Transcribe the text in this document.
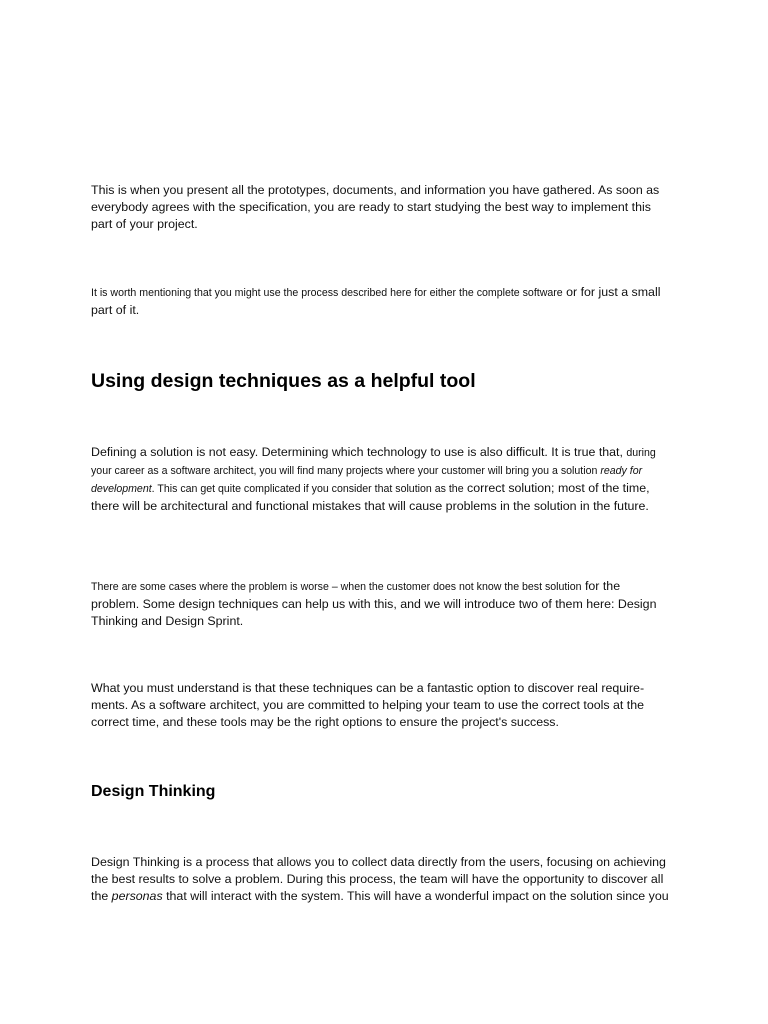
This is when you present all the prototypes, documents, and information you have gathered. As soon as everybody agrees with the specification, you are ready to start studying the best way to implement this part of your project.

It is worth mentioning that you might use the process described here for either the complete software or for just a small part of it.

Using design techniques as a helpful tool

Defining a solution is not easy. Determining which technology to use is also difficult. It is true that, during your career as a software architect, you will find many projects where your customer will bring you a solution ready for development. This can get quite complicated if you consider that solution as the correct solution; most of the time, there will be architectural and functional mistakes that will cause problems in the solution in the future.

There are some cases where the problem is worse – when the customer does not know the best solution for the problem. Some design techniques can help us with this, and we will introduce two of them here: Design Thinking and Design Sprint.

What you must understand is that these techniques can be a fantastic option to discover real require-ments. As a software architect, you are committed to helping your team to use the correct tools at the correct time, and these tools may be the right options to ensure the project's success.

Design Thinking

Design Thinking is a process that allows you to collect data directly from the users, focusing on achieving the best results to solve a problem. During this process, the team will have the opportunity to discover all the personas that will interact with the system. This will have a wonderful impact on the solution since you
